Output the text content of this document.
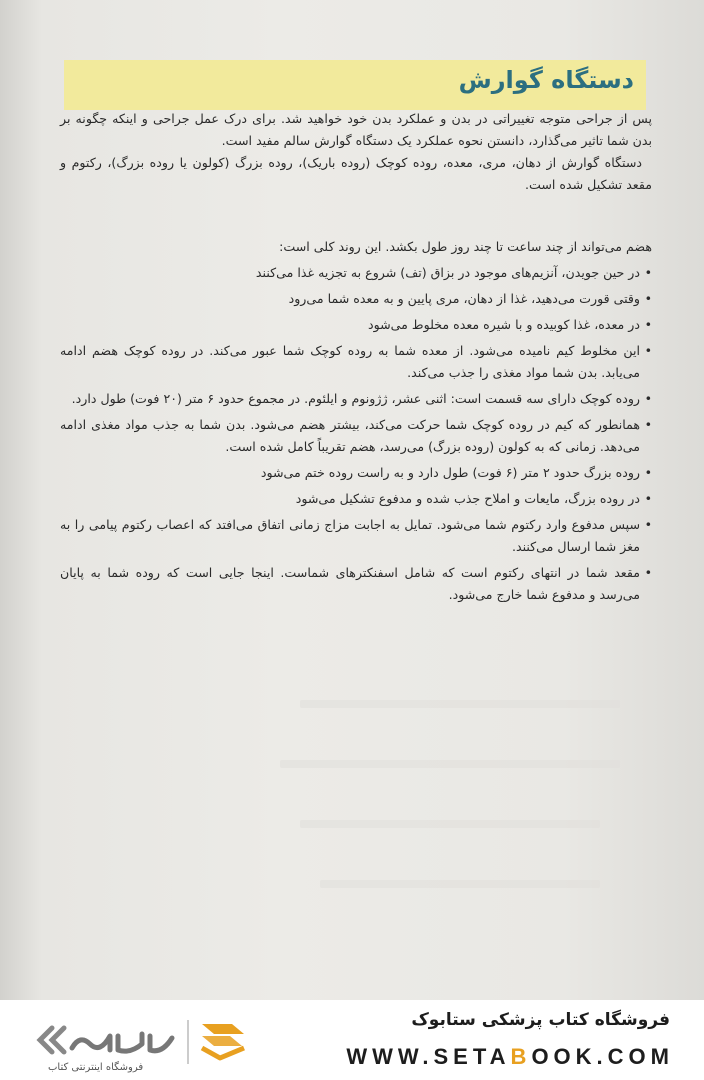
دستگاه گوارش

پس از جراحی متوجه تغییراتی در بدن و عملکرد بدن خود خواهید شد. برای درک عمل جراحی و اینکه چگونه بر بدن شما تاثیر می‌گذارد، دانستن نحوه عملکرد یک دستگاه گوارش سالم مفید است.

دستگاه گوارش از دهان، مری، معده، روده کوچک (روده باریک)، روده بزرگ (کولون یا روده بزرگ)، رکتوم و مقعد تشکیل شده است.

هضم می‌تواند از چند ساعت تا چند روز طول بکشد. این روند کلی است:

• در حین جویدن، آنزیم‌های موجود در بزاق (تف) شروع به تجزیه غذا می‌کنند
• وقتی قورت می‌دهید، غذا از دهان، مری پایین و به معده شما می‌رود
• در معده، غذا کوبیده و با شیره معده مخلوط می‌شود
• این مخلوط کیم نامیده می‌شود. از معده شما به روده کوچک شما عبور می‌کند. در روده کوچک هضم ادامه می‌یابد. بدن شما مواد مغذی را جذب می‌کند.
• روده کوچک دارای سه قسمت است: اثنی عشر، ژژونوم و ایلئوم. در مجموع حدود ۶ متر (۲۰ فوت) طول دارد.
• همانطور که کیم در روده کوچک شما حرکت می‌کند، بیشتر هضم می‌شود. بدن شما به جذب مواد مغذی ادامه می‌دهد. زمانی که به کولون (روده بزرگ) می‌رسد، هضم تقریباً کامل شده است.
• روده بزرگ حدود ۲ متر (۶ فوت) طول دارد و به راست روده ختم می‌شود
• در روده بزرگ، مایعات و املاح جذب شده و مدفوع تشکیل می‌شود
• سپس مدفوع وارد رکتوم شما می‌شود. تمایل به اجابت مزاج زمانی اتفاق می‌افتد که اعصاب رکتوم پیامی را به مغز شما ارسال می‌کنند.
• مقعد شما در انتهای رکتوم است که شامل اسفنکترهای شماست. اینجا جایی است که روده شما به پایان می‌رسد و مدفوع شما خارج می‌شود.
فروشگاه اینترنتی کتاب
فروشگاه کتاب پزشکی ستابوک
WWW.SETABOOK.COM
